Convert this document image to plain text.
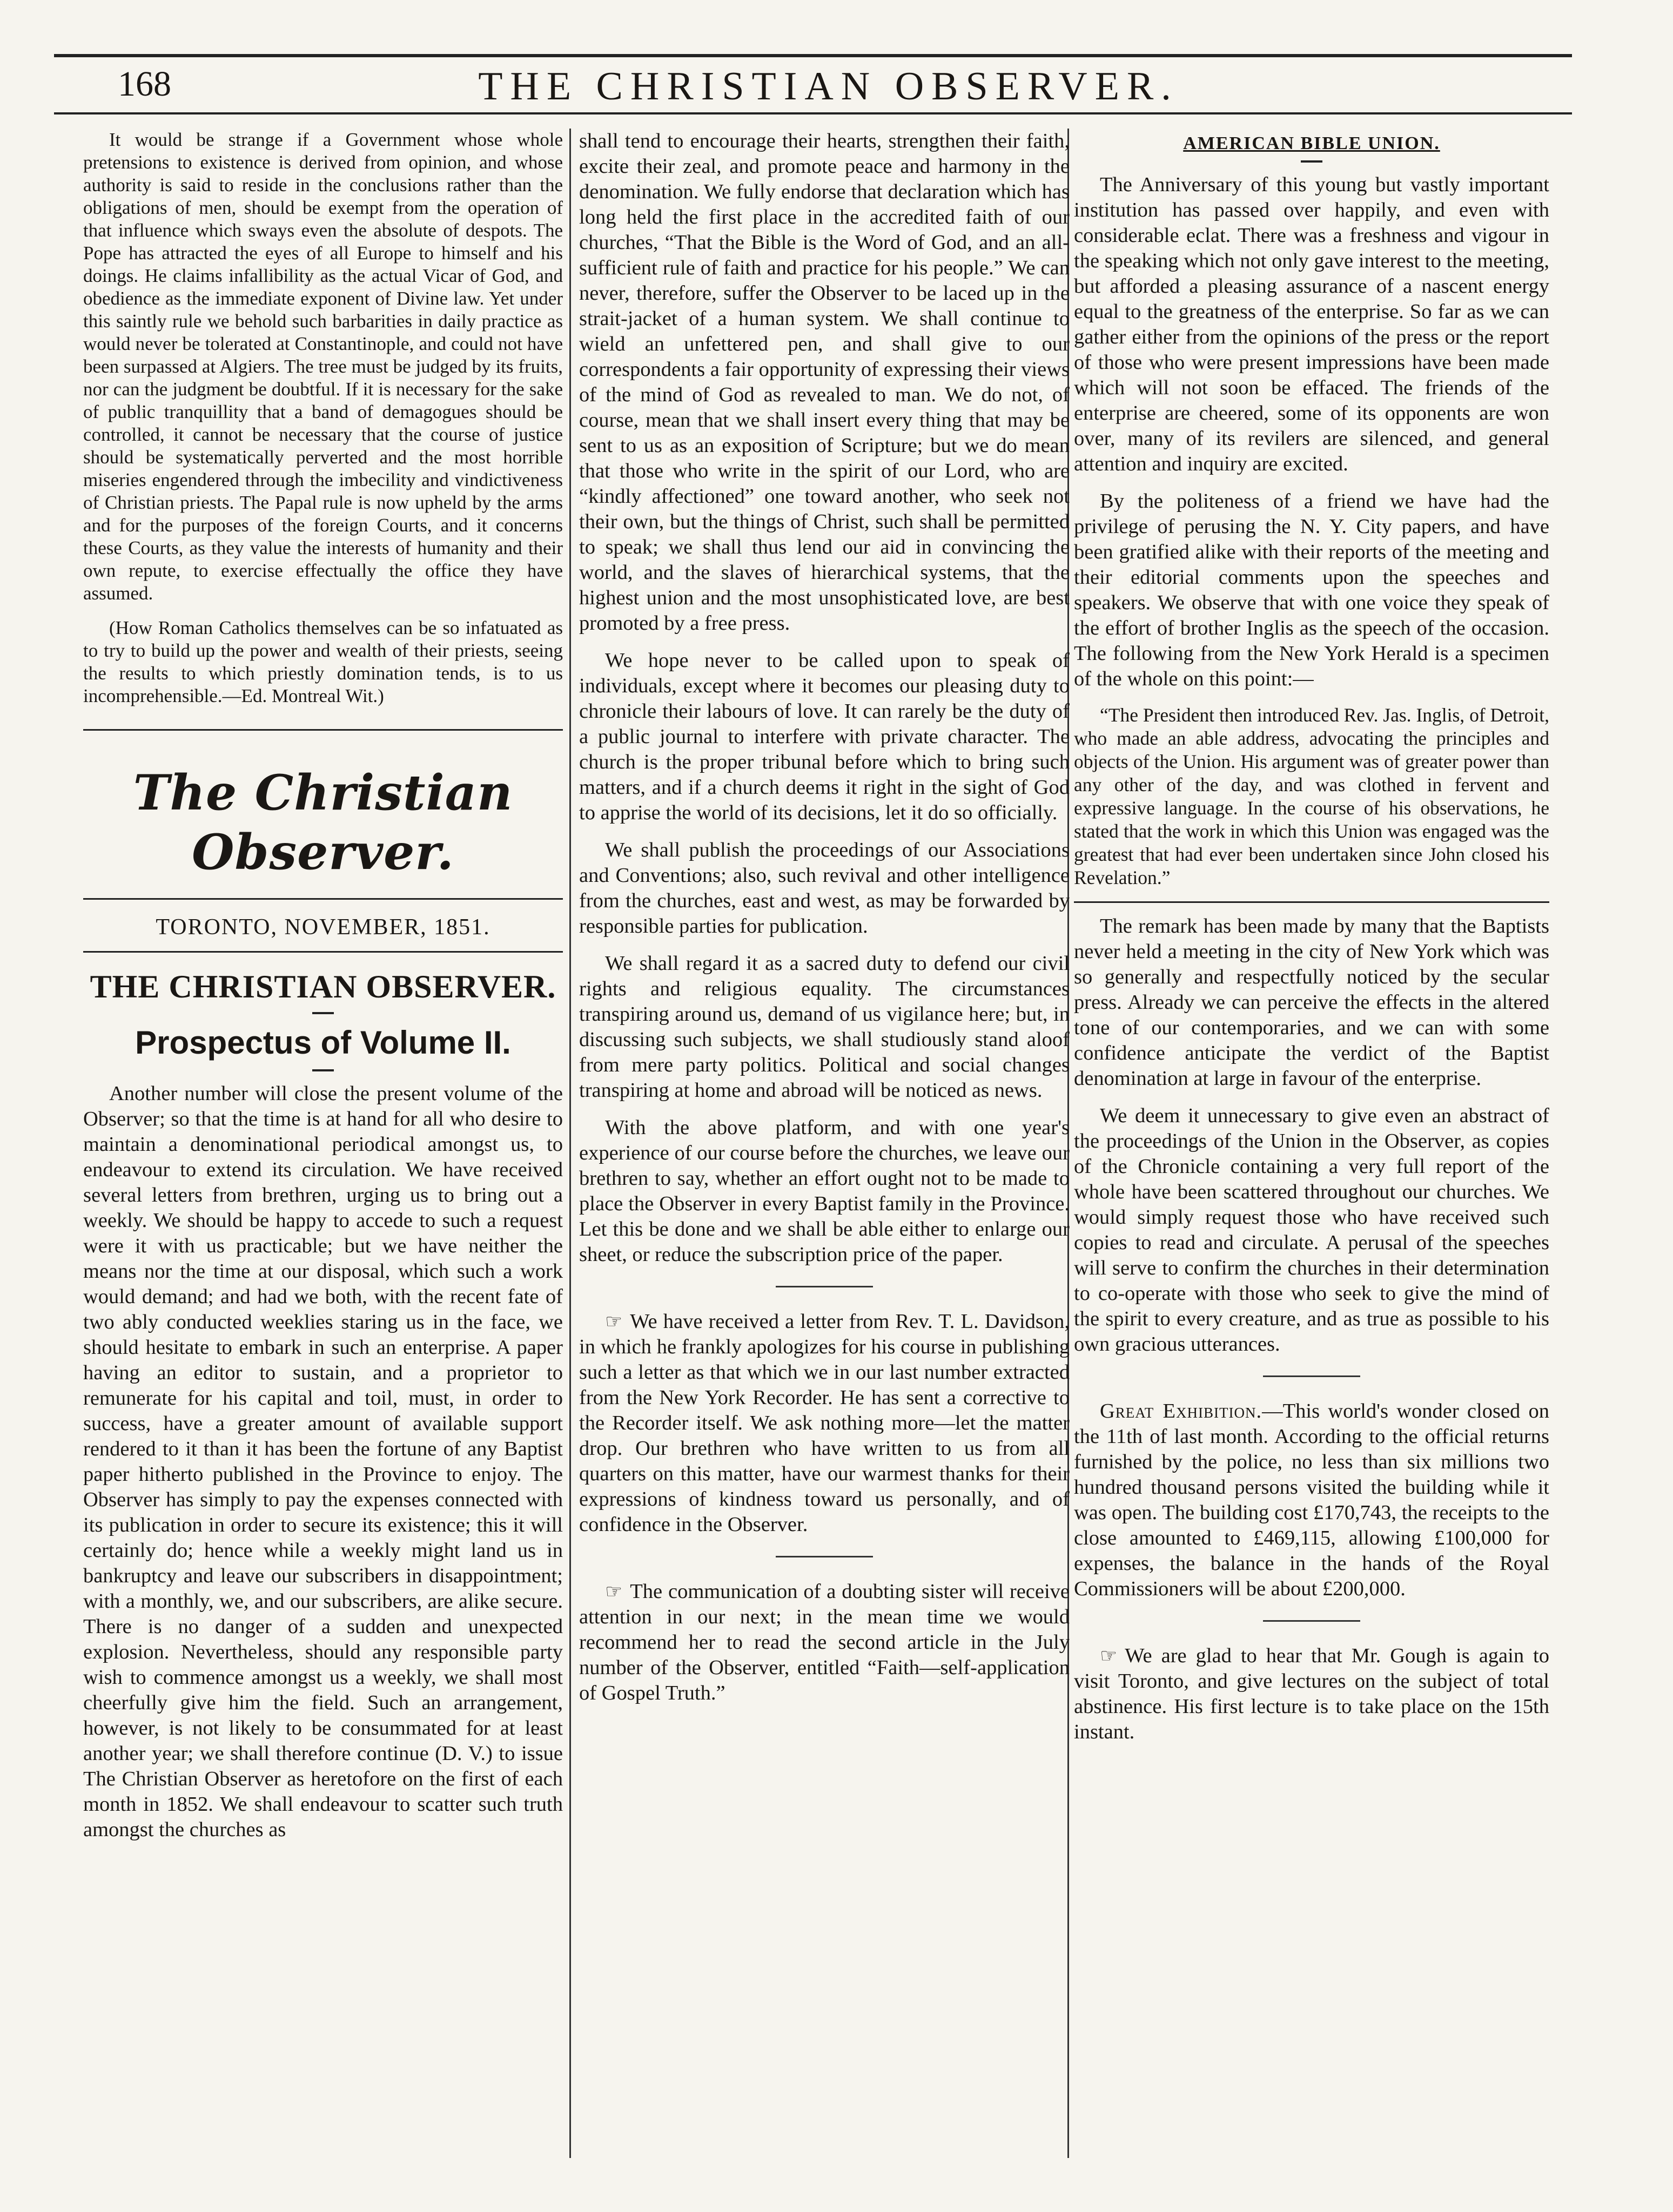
168	THE CHRISTIAN OBSERVER.

It would be strange if a Government whose whole pretensions to existence is derived from opinion, and whose authority is said to reside in the conclusions rather than the obligations of men, should be exempt from the operation of that influence which sways even the absolute of despots. The Pope has attracted the eyes of all Europe to himself and his doings. He claims infallibility as the actual Vicar of God, and obedience as the immediate exponent of Divine law. Yet under this saintly rule we behold such barbarities in daily practice as would never be tolerated at Constantinople, and could not have been surpassed at Algiers. The tree must be judged by its fruits, nor can the judgment be doubtful. If it is necessary for the sake of public tranquillity that a band of demagogues should be controlled, it cannot be necessary that the course of justice should be systematically perverted and the most horrible miseries engendered through the imbecility and vindictiveness of Christian priests. The Papal rule is now upheld by the arms and for the purposes of the foreign Courts, and it concerns these Courts, as they value the interests of humanity and their own repute, to exercise effectually the office they have assumed.

(How Roman Catholics themselves can be so infatuated as to try to build up the power and wealth of their priests, seeing the results to which priestly domination tends, is to us incomprehensible.—Ed. Montreal Wit.)

The Christian Observer.
TORONTO, NOVEMBER, 1851.
THE CHRISTIAN OBSERVER.
Prospectus of Volume II.

Another number will close the present volume of the Observer; so that the time is at hand for all who desire to maintain a denominational periodical amongst us, to endeavour to extend its circulation. We have received several letters from brethren, urging us to bring out a weekly. We should be happy to accede to such a request were it with us practicable; but we have neither the means nor the time at our disposal, which such a work would demand; and had we both, with the recent fate of two ably conducted weeklies staring us in the face, we should hesitate to embark in such an enterprise. A paper having an editor to sustain, and a proprietor to remunerate for his capital and toil, must, in order to success, have a greater amount of available support rendered to it than it has been the fortune of any Baptist paper hitherto published in the Province to enjoy. The Observer has simply to pay the expenses connected with its publication in order to secure its existence; this it will certainly do; hence while a weekly might land us in bankruptcy and leave our subscribers in disappointment; with a monthly, we, and our subscribers, are alike secure. There is no danger of a sudden and unexpected explosion. Nevertheless, should any responsible party wish to commence amongst us a weekly, we shall most cheerfully give him the field. Such an arrangement, however, is not likely to be consummated for at least another year; we shall therefore continue (D. V.) to issue The Christian Observer as heretofore on the first of each month in 1852. We shall endeavour to scatter such truth amongst the churches as

shall tend to encourage their hearts, strengthen their faith, excite their zeal, and promote peace and harmony in the denomination. We fully endorse that declaration which has long held the first place in the accredited faith of our churches, “That the Bible is the Word of God, and an all-sufficient rule of faith and practice for his people.” We can never, therefore, suffer the Observer to be laced up in the strait-jacket of a human system. We shall continue to wield an unfettered pen, and shall give to our correspondents a fair opportunity of expressing their views of the mind of God as revealed to man. We do not, of course, mean that we shall insert every thing that may be sent to us as an exposition of Scripture; but we do mean that those who write in the spirit of our Lord, who are “kindly affectioned” one toward another, who seek not their own, but the things of Christ, such shall be permitted to speak; we shall thus lend our aid in convincing the world, and the slaves of hierarchical systems, that the highest union and the most unsophisticated love, are best promoted by a free press.

We hope never to be called upon to speak of individuals, except where it becomes our pleasing duty to chronicle their labours of love. It can rarely be the duty of a public journal to interfere with private character. The church is the proper tribunal before which to bring such matters, and if a church deems it right in the sight of God to apprise the world of its decisions, let it do so officially.

We shall publish the proceedings of our Associations and Conventions; also, such revival and other intelligence from the churches, east and west, as may be forwarded by responsible parties for publication.

We shall regard it as a sacred duty to defend our civil rights and religious equality. The circumstances transpiring around us, demand of us vigilance here; but, in discussing such subjects, we shall studiously stand aloof from mere party politics. Political and social changes transpiring at home and abroad will be noticed as news.

With the above platform, and with one year's experience of our course before the churches, we leave our brethren to say, whether an effort ought not to be made to place the Observer in every Baptist family in the Province. Let this be done and we shall be able either to enlarge our sheet, or reduce the subscription price of the paper.

☞ We have received a letter from Rev. T. L. Davidson, in which he frankly apologizes for his course in publishing such a letter as that which we in our last number extracted from the New York Recorder. He has sent a corrective to the Recorder itself. We ask nothing more—let the matter drop. Our brethren who have written to us from all quarters on this matter, have our warmest thanks for their expressions of kindness toward us personally, and of confidence in the Observer.

☞ The communication of a doubting sister will receive attention in our next; in the mean time we would recommend her to read the second article in the July number of the Observer, entitled “Faith—self-application of Gospel Truth.”

AMERICAN BIBLE UNION.

The Anniversary of this young but vastly important institution has passed over happily, and even with considerable eclat. There was a freshness and vigour in the speaking which not only gave interest to the meeting, but afforded a pleasing assurance of a nascent energy equal to the greatness of the enterprise. So far as we can gather either from the opinions of the press or the report of those who were present impressions have been made which will not soon be effaced. The friends of the enterprise are cheered, some of its opponents are won over, many of its revilers are silenced, and general attention and inquiry are excited.

By the politeness of a friend we have had the privilege of perusing the N. Y. City papers, and have been gratified alike with their reports of the meeting and their editorial comments upon the speeches and speakers. We observe that with one voice they speak of the effort of brother Inglis as the speech of the occasion. The following from the New York Herald is a specimen of the whole on this point:—

“The President then introduced Rev. Jas. Inglis, of Detroit, who made an able address, advocating the principles and objects of the Union. His argument was of greater power than any other of the day, and was clothed in fervent and expressive language. In the course of his observations, he stated that the work in which this Union was engaged was the greatest that had ever been undertaken since John closed his Revelation.”

The remark has been made by many that the Baptists never held a meeting in the city of New York which was so generally and respectfully noticed by the secular press. Already we can perceive the effects in the altered tone of our contemporaries, and we can with some confidence anticipate the verdict of the Baptist denomination at large in favour of the enterprise.

We deem it unnecessary to give even an abstract of the proceedings of the Union in the Observer, as copies of the Chronicle containing a very full report of the whole have been scattered throughout our churches. We would simply request those who have received such copies to read and circulate. A perusal of the speeches will serve to confirm the churches in their determination to co-operate with those who seek to give the mind of the spirit to every creature, and as true as possible to his own gracious utterances.

Great Exhibition.—This world's wonder closed on the 11th of last month. According to the official returns furnished by the police, no less than six millions two hundred thousand persons visited the building while it was open. The building cost £170,743, the receipts to the close amounted to £469,115, allowing £100,000 for expenses, the balance in the hands of the Royal Commissioners will be about £200,000.

☞ We are glad to hear that Mr. Gough is again to visit Toronto, and give lectures on the subject of total abstinence. His first lecture is to take place on the 15th instant.
